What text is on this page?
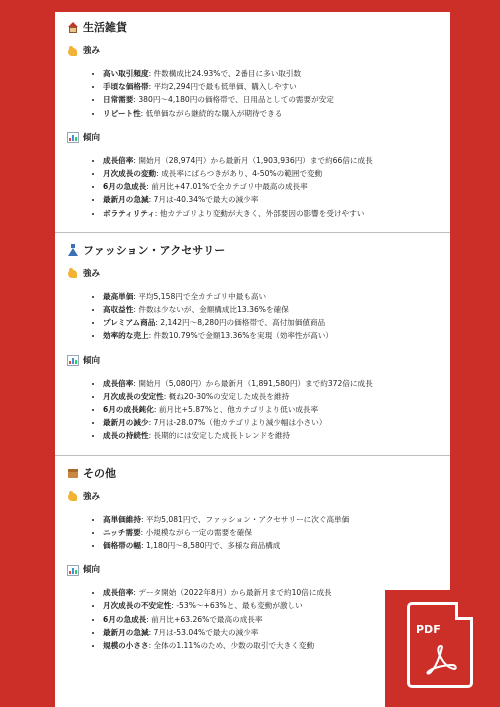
生活雑貨
強み
• 高い取引頻度: 件数構成比24.93%で、2番目に多い取引数
• 手頃な価格帯: 平均2,294円で最も低単価、購入しやすい
• 日常需要: 380円〜4,180円の価格帯で、日用品としての需要が安定
• リピート性: 低単価ながら継続的な購入が期待できる
傾向
• 成長倍率: 開始月（28,974円）から最新月（1,903,936円）まで約66倍に成長
• 月次成長の変動: 成長率にばらつきがあり、4-50%の範囲で変動
• 6月の急成長: 前月比+47.01%で全カテゴリ中最高の成長率
• 最新月の急減: 7月は-40.34%で最大の減少率
• ボラティリティ: 他カテゴリより変動が大きく、外部要因の影響を受けやすい
ファッション・アクセサリー
強み
• 最高単価: 平均5,158円で全カテゴリ中最も高い
• 高収益性: 件数は少ないが、金額構成比13.36%を確保
• プレミアム商品: 2,142円〜8,280円の価格帯で、高付加価値商品
• 効率的な売上: 件数10.79%で金額13.36%を実現（効率性が高い）
傾向
• 成長倍率: 開始月（5,080円）から最新月（1,891,580円）まで約372倍に成長
• 月次成長の安定性: 概ね20-30%の安定した成長を維持
• 6月の成長鈍化: 前月比+5.87%と、他カテゴリより低い成長率
• 最新月の減少: 7月は-28.07%（他カテゴリより減少幅は小さい）
• 成長の持続性: 長期的には安定した成長トレンドを維持
その他
強み
• 高単価維持: 平均5,081円で、ファッション・アクセサリーに次ぐ高単価
• ニッチ需要: 小規模ながら一定の需要を確保
• 価格帯の幅: 1,180円〜8,580円で、多様な商品構成
傾向
• 成長倍率: データ開始（2022年8月）から最新月まで約10倍に成長
• 月次成長の不安定性: -53%〜+63%と、最も変動が激しい
• 6月の急成長: 前月比+63.26%で最高の成長率
• 最新月の急減: 7月は-53.04%で最大の減少率
• 規模の小ささ: 全体の1.11%のため、少数の取引で大きく変動
PDF
